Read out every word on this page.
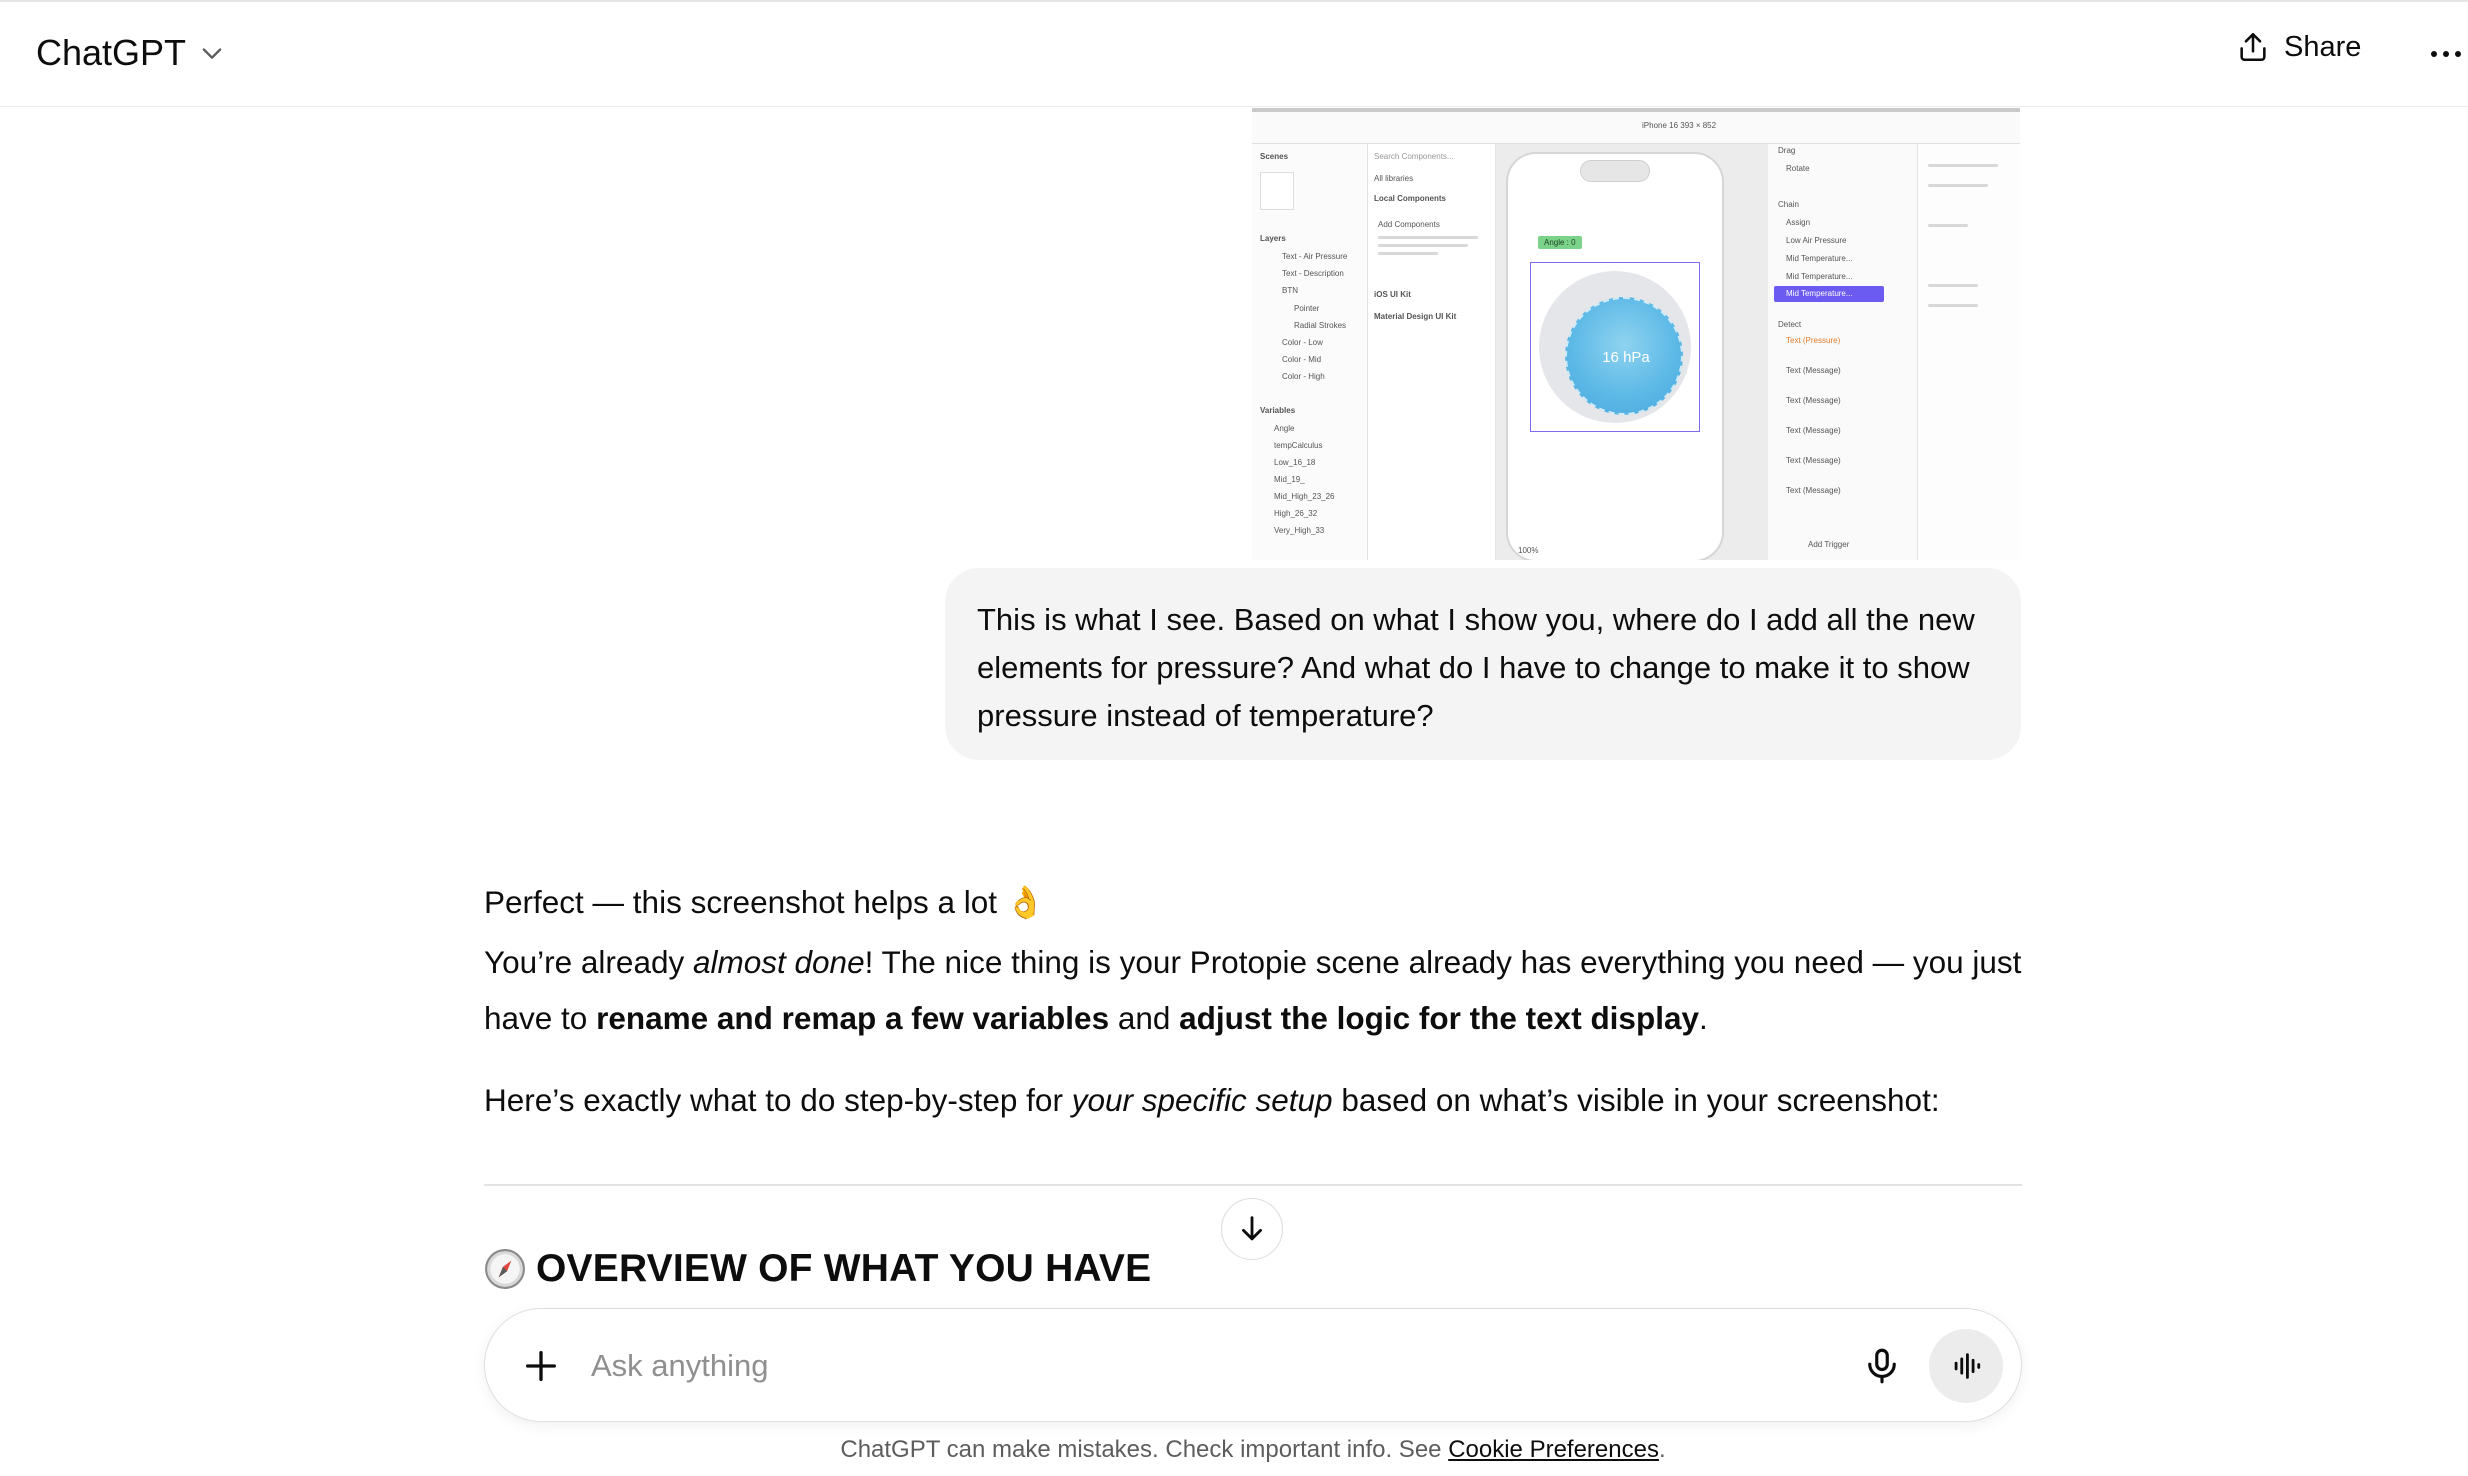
ChatGPT	Share
iPhone 16 393 × 852
Scenes
Layers
Text - Air Pressure
Text - Description
BTN
Pointer
Radial Strokes
Color - Low
Color - Mid
Color - High
Variables
Angle
tempCalculus
Low_16_18
Mid_19_
Mid_High_23_26
High_26_32
Very_High_33
Search Components...
All libraries
Local Components
Add Components
iOS UI Kit
Material Design UI Kit
Angle : 0
16 hPa
100%
Drag
Rotate
Chain
Assign
Low Air Pressure
Mid Temperature...
Mid Temperature...
Mid Temperature...
Detect
Text (Pressure)
Text (Message)
Text (Message)
Text (Message)
Text (Message)
Text (Message)
Add Trigger
This is what I see. Based on what I show you, where do I add all the new elements for pressure? And what do I have to change to make it to show pressure instead of temperature?
Perfect — this screenshot helps a lot 👌
You’re already almost done! The nice thing is your Protopie scene already has everything you need — you just have to rename and remap a few variables and adjust the logic for the text display.
Here’s exactly what to do step-by-step for your specific setup based on what’s visible in your screenshot:
OVERVIEW OF WHAT YOU HAVE
Ask anything
ChatGPT can make mistakes. Check important info. See Cookie Preferences.
